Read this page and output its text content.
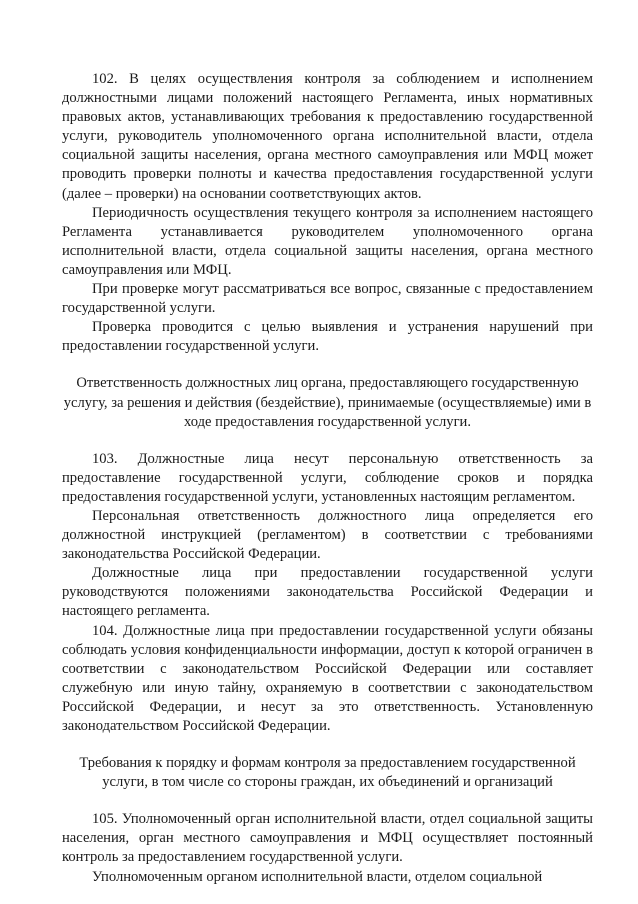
102. В целях осуществления контроля за соблюдением и исполнением должностными лицами положений настоящего Регламента, иных нормативных правовых актов, устанавливающих требования к предоставлению государственной услуги, руководитель уполномоченного органа исполнительной власти, отдела социальной защиты населения, органа местного самоуправления или МФЦ может проводить проверки полноты и качества предоставления государственной услуги (далее – проверки) на основании соответствующих актов.

Периодичность осуществления текущего контроля за исполнением настоящего Регламента устанавливается руководителем уполномоченного органа исполнительной власти, отдела социальной защиты населения, органа местного самоуправления или МФЦ.

При проверке могут рассматриваться все вопрос, связанные с предоставлением государственной услуги.

Проверка проводится с целью выявления и устранения нарушений при предоставлении государственной услуги.

Ответственность должностных лиц органа, предоставляющего государственную услугу, за решения и действия (бездействие), принимаемые (осуществляемые) ими в ходе предоставления государственной услуги.

103. Должностные лица несут персональную ответственность за предоставление государственной услуги, соблюдение сроков и порядка предоставления государственной услуги, установленных настоящим регламентом.

Персональная ответственность должностного лица определяется его должностной инструкцией (регламентом) в соответствии с требованиями законодательства Российской Федерации.

Должностные лица при предоставлении государственной услуги руководствуются положениями законодательства Российской Федерации и настоящего регламента.

104. Должностные лица при предоставлении государственной услуги обязаны соблюдать условия конфиденциальности информации, доступ к которой ограничен в соответствии с законодательством Российской Федерации или составляет служебную или иную тайну, охраняемую в соответствии с законодательством Российской Федерации, и несут за это ответственность. Установленную законодательством Российской Федерации.

Требования к порядку и формам контроля за предоставлением государственной услуги, в том числе со стороны граждан, их объединений и организаций

105. Уполномоченный орган исполнительной власти, отдел социальной защиты населения, орган местного самоуправления и МФЦ осуществляет постоянный контроль за предоставлением государственной услуги.

Уполномоченным органом исполнительной власти, отделом социальной
